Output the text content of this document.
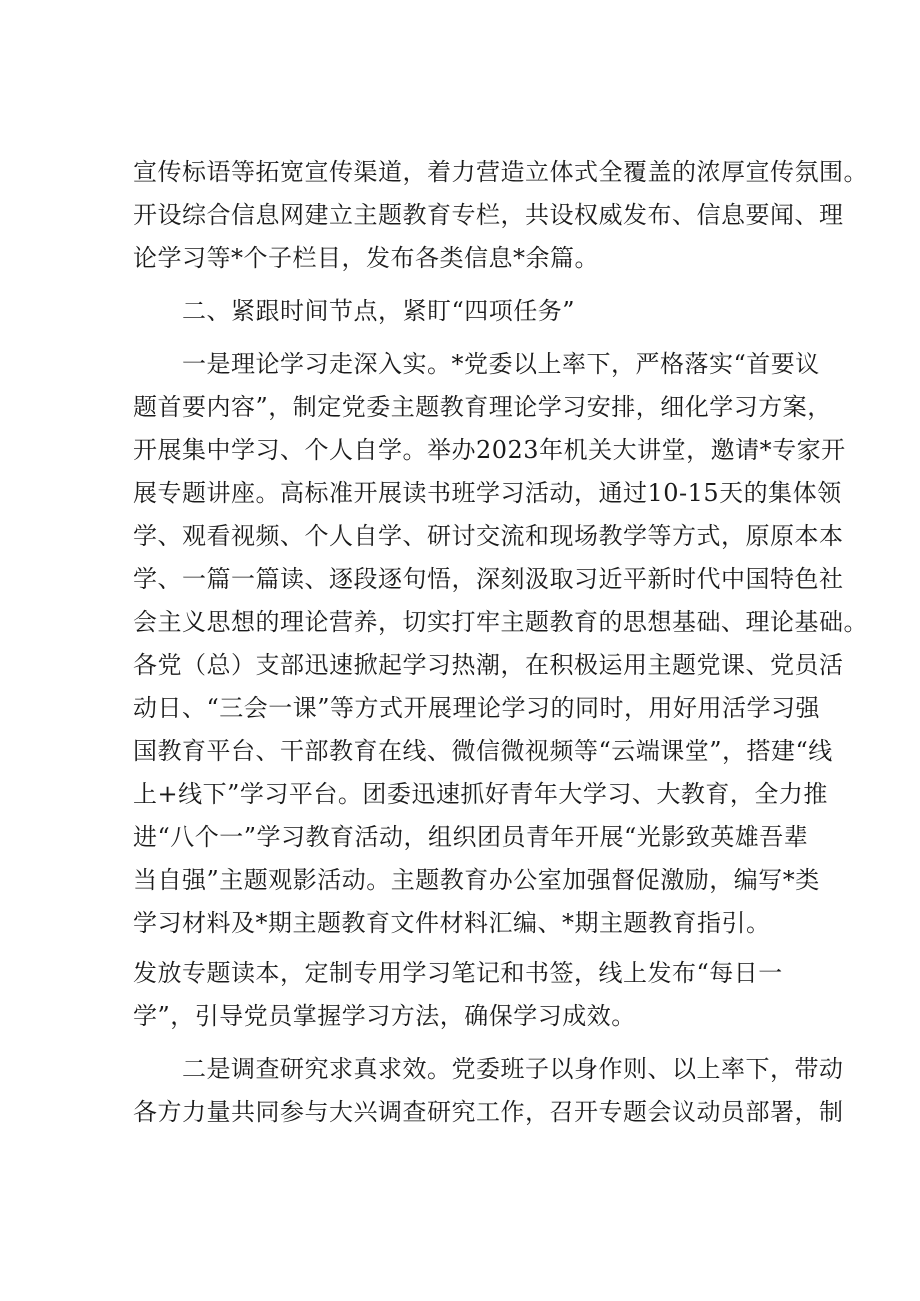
宣传标语等拓宽宣传渠道，着力营造立体式全覆盖的浓厚宣传氛围。
开设综合信息网建立主题教育专栏，共设权威发布、信息要闻、理
论学习等*个子栏目，发布各类信息*余篇。
二、紧跟时间节点，紧盯“四项任务”
一是理论学习走深入实。*党委以上率下，严格落实“首要议
题首要内容”，制定党委主题教育理论学习安排，细化学习方案，
开展集中学习、个人自学。举办2023年机关大讲堂，邀请*专家开
展专题讲座。高标准开展读书班学习活动，通过10-15天的集体领
学、观看视频、个人自学、研讨交流和现场教学等方式，原原本本
学、一篇一篇读、逐段逐句悟，深刻汲取习近平新时代中国特色社
会主义思想的理论营养，切实打牢主题教育的思想基础、理论基础。
各党（总）支部迅速掀起学习热潮，在积极运用主题党课、党员活
动日、“三会一课”等方式开展理论学习的同时，用好用活学习强
国教育平台、干部教育在线、微信微视频等“云端课堂”，搭建“线
上+线下”学习平台。团委迅速抓好青年大学习、大教育，全力推
进“八个一”学习教育活动，组织团员青年开展“光影致英雄吾辈
当自强”主题观影活动。主题教育办公室加强督促激励，编写*类
学习材料及*期主题教育文件材料汇编、*期主题教育指引。
发放专题读本，定制专用学习笔记和书签，线上发布“每日一
学”，引导党员掌握学习方法，确保学习成效。
二是调查研究求真求效。党委班子以身作则、以上率下，带动
各方力量共同参与大兴调查研究工作，召开专题会议动员部署，制
